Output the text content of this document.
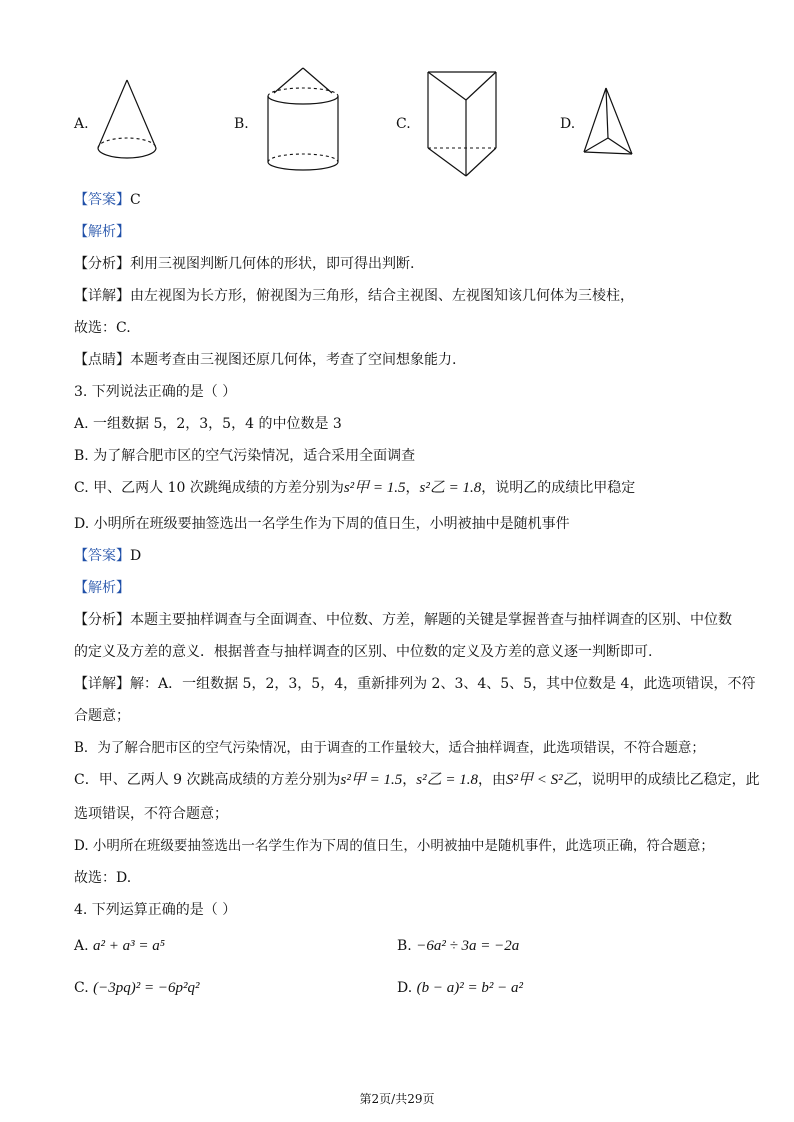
A.	B.	C.	D.
【答案】C
【解析】
【分析】利用三视图判断几何体的形状，即可得出判断.
【详解】由左视图为长方形，俯视图为三角形，结合主视图、左视图知该几何体为三棱柱，
故选：C.
【点睛】本题考查由三视图还原几何体，考查了空间想象能力.
3. 下列说法正确的是（ ）
A. 一组数据 5，2，3，5，4 的中位数是 3
B. 为了解合肥市区的空气污染情况，适合采用全面调查
C. 甲、乙两人 10 次跳绳成绩的方差分别为s²甲 = 1.5，s²乙 = 1.8，说明乙的成绩比甲稳定
D. 小明所在班级要抽签选出一名学生作为下周的值日生，小明被抽中是随机事件
【答案】D
【解析】
【分析】本题主要抽样调查与全面调查、中位数、方差，解题的关键是掌握普查与抽样调查的区别、中位数
的定义及方差的意义．根据普查与抽样调查的区别、中位数的定义及方差的意义逐一判断即可.
【详解】解：A．一组数据 5，2，3，5，4，重新排列为 2、3、4、5、5，其中位数是 4，此选项错误，不符
合题意；
B．为了解合肥市区的空气污染情况，由于调查的工作量较大，适合抽样调查，此选项错误，不符合题意；
C．甲、乙两人 9 次跳高成绩的方差分别为s²甲 = 1.5，s²乙 = 1.8，由S²甲 < S²乙，说明甲的成绩比乙稳定，此
选项错误，不符合题意；
D. 小明所在班级要抽签选出一名学生作为下周的值日生，小明被抽中是随机事件，此选项正确，符合题意；
故选：D.
4. 下列运算正确的是（ ）
A. a² + a³ = a⁵	B. −6a² ÷ 3a = −2a
C. (−3pq)² = −6p²q²	D. (b − a)² = b² − a²
第2页/共29页
